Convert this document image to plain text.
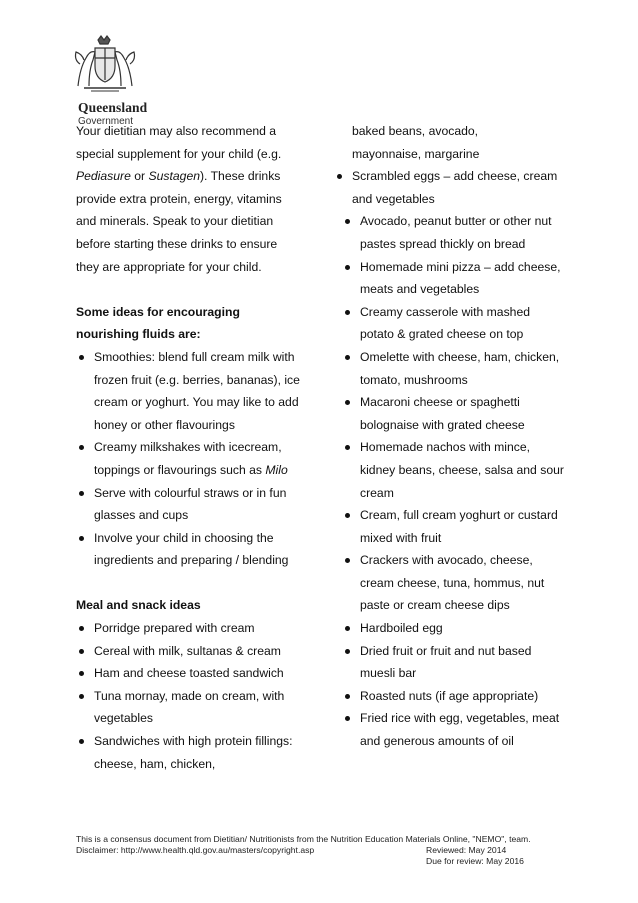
Queensland
Government

Your dietitian may also recommend a

special supplement for your child (e.g.

Pediasure or Sustagen). These drinks

provide extra protein, energy, vitamins

and minerals. Speak to your dietitian

before starting these drinks to ensure

they are appropriate for your child.

Some ideas for encouraging

nourishing fluids are:

Smoothies: blend full cream milk with frozen fruit (e.g. berries, bananas), ice cream or yoghurt. You may like to add honey or other flavourings
Creamy milkshakes with icecream, toppings or flavourings such as Milo
Serve with colourful straws or in fun glasses and cups
Involve your child in choosing the ingredients and preparing / blending

Meal and snack ideas

Porridge prepared with cream
Cereal with milk, sultanas & cream
Ham and cheese toasted sandwich
Tuna mornay, made on cream, with vegetables
Sandwiches with high protein fillings: cheese, ham, chicken,

baked beans, avocado,

mayonnaise, margarine

Scrambled eggs – add cheese, cream and vegetables
Avocado, peanut butter or other nut pastes spread thickly on bread
Homemade mini pizza – add cheese, meats and vegetables
Creamy casserole with mashed potato & grated cheese on top
Omelette with cheese, ham, chicken, tomato, mushrooms
Macaroni cheese or spaghetti bolognaise with grated cheese
Homemade nachos with mince, kidney beans, cheese, salsa and sour cream
Cream, full cream yoghurt or custard mixed with fruit
Crackers with avocado, cheese, cream cheese, tuna, hommus, nut paste or cream cheese dips
Hardboiled egg
Dried fruit or fruit and nut based muesli bar
Roasted nuts (if age appropriate)
Fried rice with egg, vegetables, meat and generous amounts of oil
This is a consensus document from Dietitian/ Nutritionists from the Nutrition Education Materials Online, "NEMO", team.
Disclaimer: http://www.health.qld.gov.au/masters/copyright.asp	Reviewed: May 2014
Due for review: May 2016
